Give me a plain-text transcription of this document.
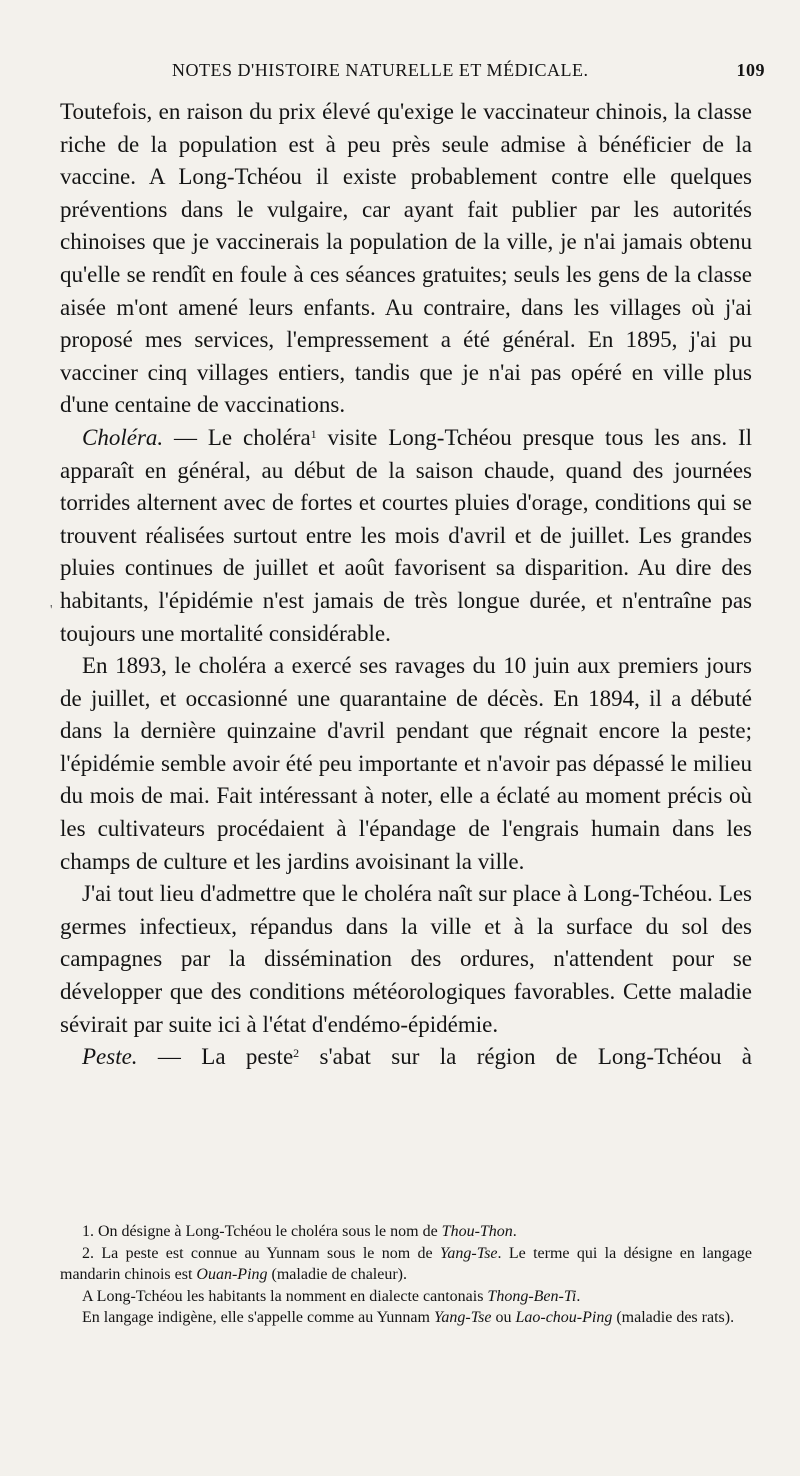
NOTES D'HISTOIRE NATURELLE ET MÉDICALE.	109
'

Toutefois, en raison du prix élevé qu'exige le vaccinateur chinois, la classe riche de la population est à peu près seule admise à bénéficier de la vaccine. A Long-Tchéou il existe probablement contre elle quelques préventions dans le vulgaire, car ayant fait publier par les autorités chinoises que je vaccinerais la population de la ville, je n'ai jamais obtenu qu'elle se rendît en foule à ces séances gratuites; seuls les gens de la classe aisée m'ont amené leurs enfants. Au contraire, dans les villages où j'ai proposé mes services, l'empressement a été général. En 1895, j'ai pu vacciner cinq villages entiers, tandis que je n'ai pas opéré en ville plus d'une centaine de vaccinations.

Choléra. — Le choléra$^1$ visite Long-Tchéou presque tous les ans. Il apparaît en général, au début de la saison chaude, quand des journées torrides alternent avec de fortes et courtes pluies d'orage, conditions qui se trouvent réalisées surtout entre les mois d'avril et de juillet. Les grandes pluies continues de juillet et août favorisent sa disparition. Au dire des habitants, l'épidémie n'est jamais de très longue durée, et n'entraîne pas toujours une mortalité considérable.

En 1893, le choléra a exercé ses ravages du 10 juin aux premiers jours de juillet, et occasionné une quarantaine de décès. En 1894, il a débuté dans la dernière quinzaine d'avril pendant que régnait encore la peste; l'épidémie semble avoir été peu importante et n'avoir pas dépassé le milieu du mois de mai. Fait intéressant à noter, elle a éclaté au moment précis où les cultivateurs procédaient à l'épandage de l'engrais humain dans les champs de culture et les jardins avoisinant la ville.

J'ai tout lieu d'admettre que le choléra naît sur place à Long-Tchéou. Les germes infectieux, répandus dans la ville et à la surface du sol des campagnes par la dissémination des ordures, n'attendent pour se développer que des conditions météorologiques favorables. Cette maladie sévirait par suite ici à l'état d'endémo-épidémie.

Peste. — La peste$^2$ s'abat sur la région de Long-Tchéou à

1. On désigne à Long-Tchéou le choléra sous le nom de Thou-Thon.

2. La peste est connue au Yunnam sous le nom de Yang-Tse. Le terme qui la désigne en langage mandarin chinois est Ouan-Ping (maladie de chaleur).

A Long-Tchéou les habitants la nomment en dialecte cantonais Thong-Ben-Ti.

En langage indigène, elle s'appelle comme au Yunnam Yang-Tse ou Lao-chou-Ping (maladie des rats).
